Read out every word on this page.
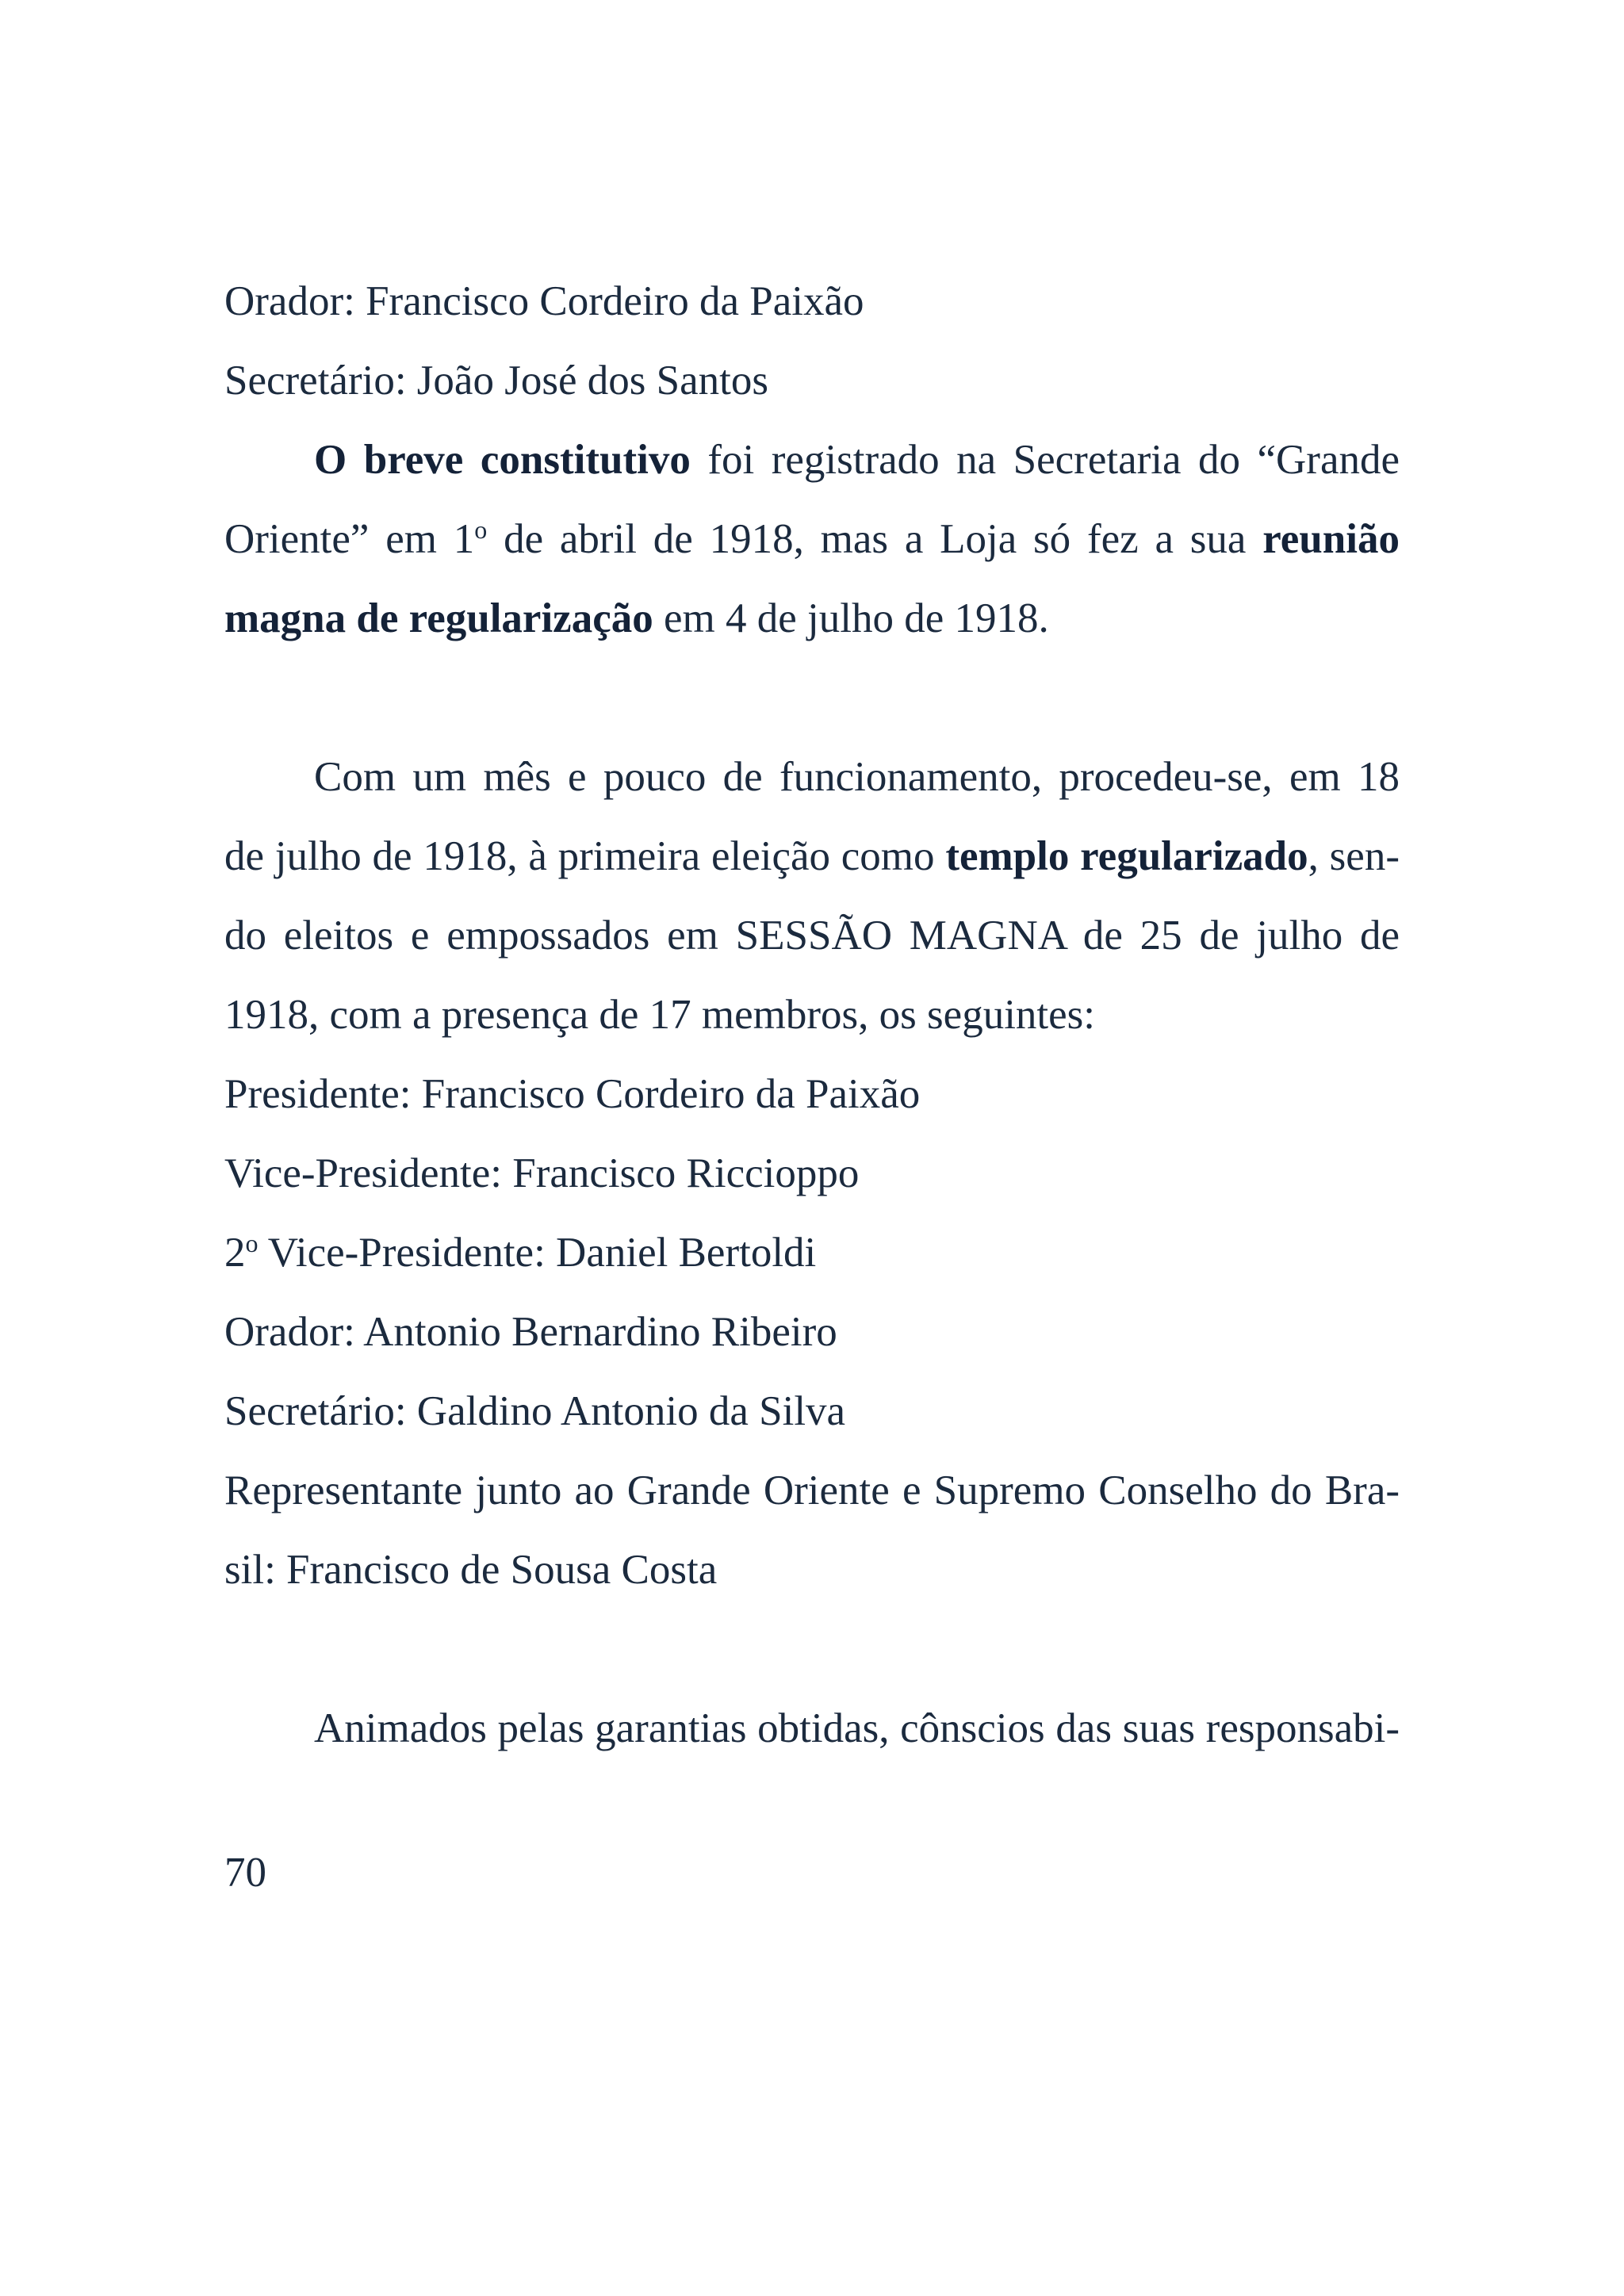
Orador: Francisco Cordeiro da Paixão
Secretário: João José dos Santos
O breve constitutivo foi registrado na Secretaria do “Grande
Oriente” em 1$^o$ de abril de 1918, mas a Loja só fez a sua reunião
magna de regularização em 4 de julho de 1918.
Com um mês e pouco de funcionamento, procedeu-se, em 18
de julho de 1918, à primeira eleição como templo regularizado, sen-
do eleitos e empossados em SESSÃO MAGNA de 25 de julho de
1918, com a presença de 17 membros, os seguintes:
Presidente: Francisco Cordeiro da Paixão
Vice-Presidente: Francisco Riccioppo
2$^o$ Vice-Presidente: Daniel Bertoldi
Orador: Antonio Bernardino Ribeiro
Secretário: Galdino Antonio da Silva
Representante junto ao Grande Oriente e Supremo Conselho do Bra-
sil: Francisco de Sousa Costa
Animados pelas garantias obtidas, cônscios das suas responsabi-
70
